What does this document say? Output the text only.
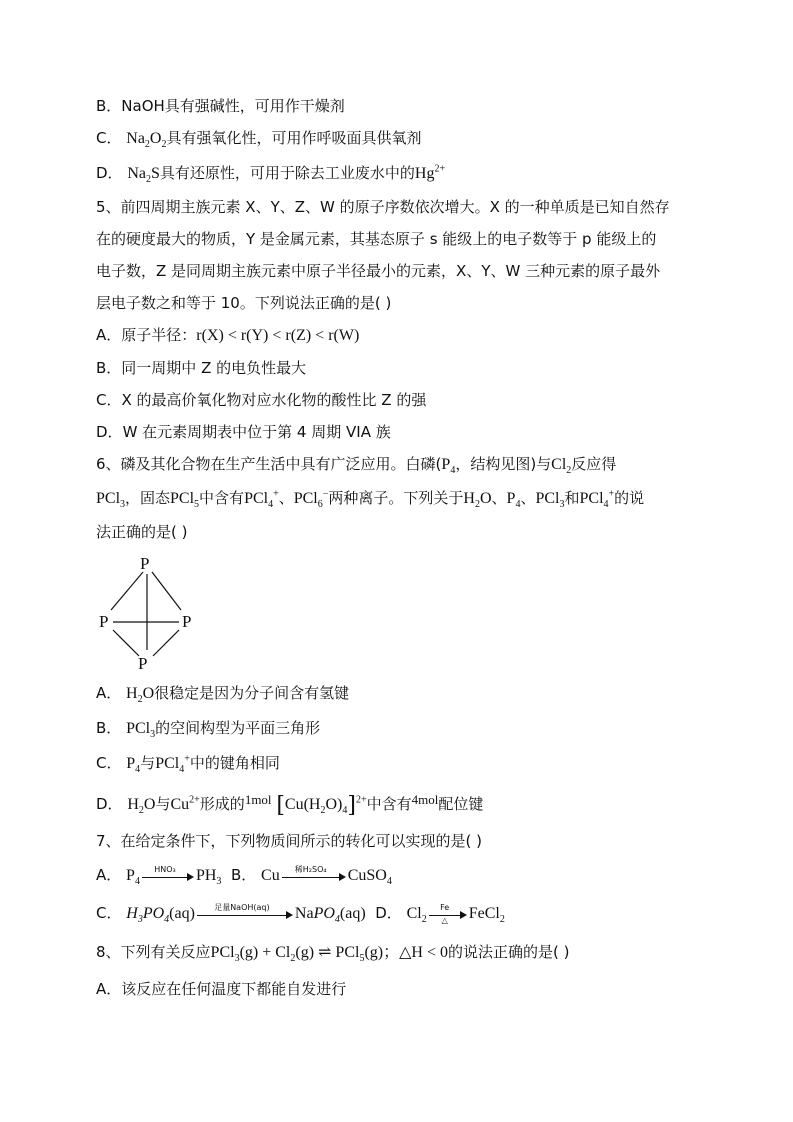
B．NaOH具有强碱性，可用作干燥剂
C． $Na_2O_2$具有强氧化性，可用作呼吸面具供氧剂
D． $Na_2S$具有还原性，可用于除去工业废水中的$Hg^{2+}$
5、前四周期主族元素 X、Y、Z、W 的原子序数依次增大。X 的一种单质是已知自然存
在的硬度最大的物质，Y 是金属元素，其基态原子 s 能级上的电子数等于 p 能级上的
电子数，Z 是同周期主族元素中原子半径最小的元素，X、Y、W 三种元素的原子最外
层电子数之和等于 10。下列说法正确的是( )
A．原子半径：r(X) < r(Y) < r(Z) < r(W)
B．同一周期中 Z 的电负性最大
C．X 的最高价氧化物对应水化物的酸性比 Z 的强
D．W 在元素周期表中位于第 4 周期 VIA 族
6、磷及其化合物在生产生活中具有广泛应用。白磷($P_4$，结构见图)与$Cl_2$反应得
PCl$_3$，固态PCl$_5$中含有PCl$_4$+、PCl$_6$−两种离子。下列关于$H_2O$、$P_4$、PCl$_3$和PCl$_4$+的说
法正确的是( )
P
P	P
P
A． $H_2O$很稳定是因为分子间含有氢键
B． PCl$_3$的空间构型为平面三角形
C． $P_4$与PCl$_4$+中的键角相同
D． $H_2O$与$Cu^{2+}$形成的1mol $[Cu(H_2O)_4]^{2+}$中含有4mol配位键
7、在给定条件下，下列物质间所示的转化可以实现的是( )
A． $P_4$
HNO₃	$PH_3$ B． Cu	稀H₂SO₄	CuSO$_4$
C． $H_3PO_4(aq)$	足量NaOH(aq)	NaPO$_4$(aq) D． $Cl_2$
Fe
△	FeCl$_2$
8、下列有关反应$PCl_3(g) + Cl_2(g)$ ⇌ PCl$_5$(g)；△H < 0的说法正确的是( )
A．该反应在任何温度下都能自发进行
